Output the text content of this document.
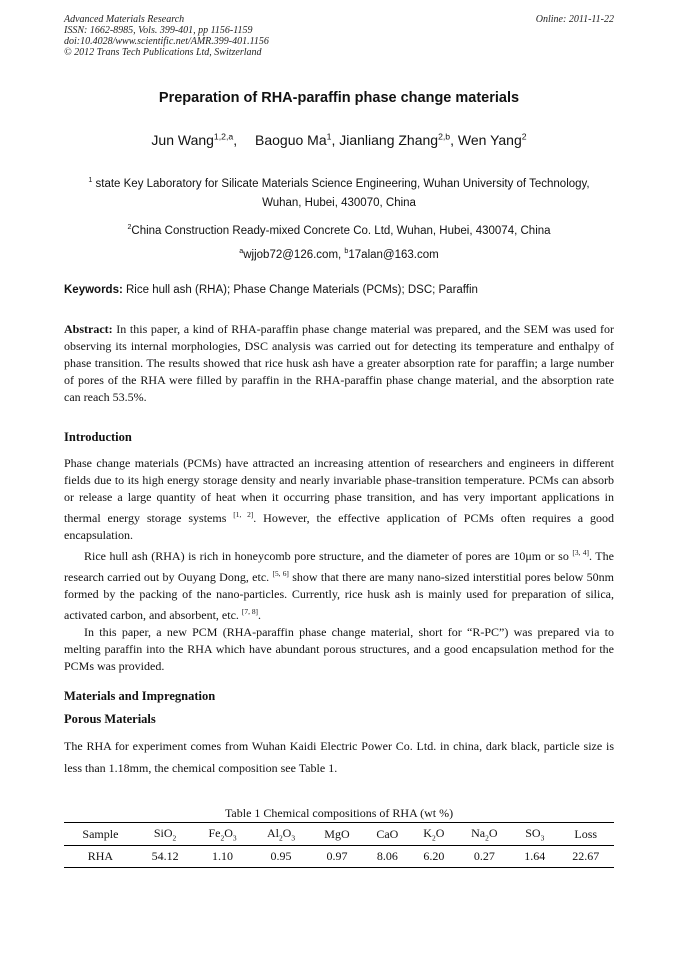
Advanced Materials Research
ISSN: 1662-8985, Vols. 399-401, pp 1156-1159
doi:10.4028/www.scientific.net/AMR.399-401.1156
© 2012 Trans Tech Publications Ltd, Switzerland
Online: 2011-11-22
Preparation of RHA-paraffin phase change materials
Jun Wang$^{1,2,a}$, Baoguo Ma$^1$, Jianliang Zhang$^{2,b}$, Wen Yang$^2$
$^1$ state Key Laboratory for Silicate Materials Science Engineering, Wuhan University of Technology,
Wuhan, Hubei, 430070, China
$^2$China Construction Ready-mixed Concrete Co. Ltd, Wuhan, Hubei, 430074, China
$^a$wjjob72@126.com, $^b$17alan@163.com
Keywords: Rice hull ash (RHA); Phase Change Materials (PCMs); DSC; Paraffin

Abstract: In this paper, a kind of RHA-paraffin phase change material was prepared, and the SEM was used for observing its internal morphologies, DSC analysis was carried out for detecting its temperature and enthalpy of phase transition. The results showed that rice husk ash have a greater absorption rate for paraffin; a large number of pores of the RHA were filled by paraffin in the RHA-paraffin phase change material, and the absorption rate can reach 53.5%.

Introduction

Phase change materials (PCMs) have attracted an increasing attention of researchers and engineers in different fields due to its high energy storage density and nearly invariable phase-transition temperature. PCMs can absorb or release a large quantity of heat when it occurring phase transition, and has very important applications in thermal energy storage systems [1, 2]. However, the effective application of PCMs often requires a good encapsulation.

Rice hull ash (RHA) is rich in honeycomb pore structure, and the diameter of pores are 10μm or so [3, 4]. The research carried out by Ouyang Dong, etc. [5, 6] show that there are many nano-sized interstitial pores below 50nm formed by the packing of the nano-particles. Currently, rice husk ash is mainly used for preparation of silica, activated carbon, and absorbent, etc. [7, 8].

In this paper, a new PCM (RHA-paraffin phase change material, short for “R-PC”) was prepared via to melting paraffin into the RHA which have abundant porous structures, and a good encapsulation method for the PCMs was provided.

Materials and Impregnation
Porous Materials

The RHA for experiment comes from Wuhan Kaidi Electric Power Co. Ltd. in china, dark black, particle size is less than 1.18mm, the chemical composition see Table 1.

Table 1 Chemical compositions of RHA (wt %)
Sample	SiO$_2$	$Fe_2O_3$	$Al_2O_3$	MgO	CaO	$K_2O$	$Na_2O$	$SO_3$	Loss
RHA	54.12	1.10	0.95	0.97	8.06	6.20	0.27	1.64	22.67
